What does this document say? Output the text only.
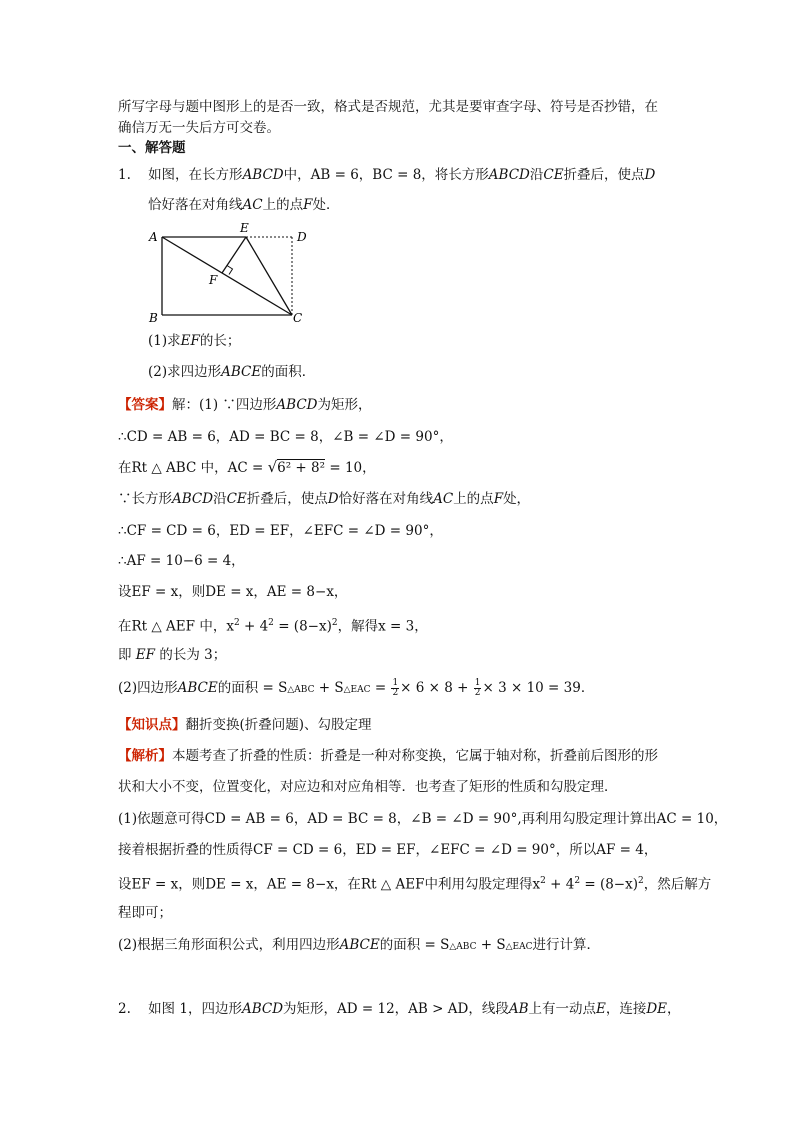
所写字母与题中图形上的是否一致，格式是否规范，尤其是要审查字母、符号是否抄错，在
确信万无一失后方可交卷。
一、解答题
1. 如图，在长方形ABCD中，AB = 6，BC = 8，将长方形ABCD沿CE折叠后，使点D
恰好落在对角线AC上的点F处．
A
B	C
D
E
F
(1)求EF的长；
(2)求四边形ABCE的面积．
【答案】解：(1) ∵四边形ABCD为矩形，
∴CD = AB = 6，AD = BC = 8，∠B = ∠D = 90°，
在Rt △ ABC 中，AC = √6² + 8² = 10，
∵长方形ABCD沿CE折叠后，使点D恰好落在对角线AC上的点F处，
∴CF = CD = 6，ED = EF，∠EFC = ∠D = 90°，
∴AF = 10−6 = 4，
设EF = x，则DE = x，AE = 8−x，
在Rt △ AEF 中，$x^2 + 4^2 = (8-x)^2$，解得x = 3，
即 EF 的长为 3；
(2)四边形ABCE的面积 = S△ABC + S△EAC = $\frac{1}{2} \times 6 \times 8 + \frac{1}{2} \times 3 \times 10 = 39$．
【知识点】翻折变换(折叠问题)、勾股定理
【解析】本题考查了折叠的性质：折叠是一种对称变换，它属于轴对称，折叠前后图形的形
状和大小不变，位置变化，对应边和对应角相等．也考查了矩形的性质和勾股定理．
(1)依题意可得CD = AB = 6，AD = BC = 8，∠B = ∠D = 90°,再利用勾股定理计算出AC = 10，
接着根据折叠的性质得CF = CD = 6，ED = EF，∠EFC = ∠D = 90°，所以AF = 4，
设EF = x，则DE = x，AE = 8−x，在Rt △ AEF中利用勾股定理得$x^2 + 4^2 = (8-x)^2$，然后解方
程即可；
(2)根据三角形面积公式，利用四边形ABCE的面积 = S△ABC + S△EAC进行计算．
2. 如图 1，四边形ABCD为矩形，AD = 12，AB > AD，线段AB上有一动点E，连接DE，
